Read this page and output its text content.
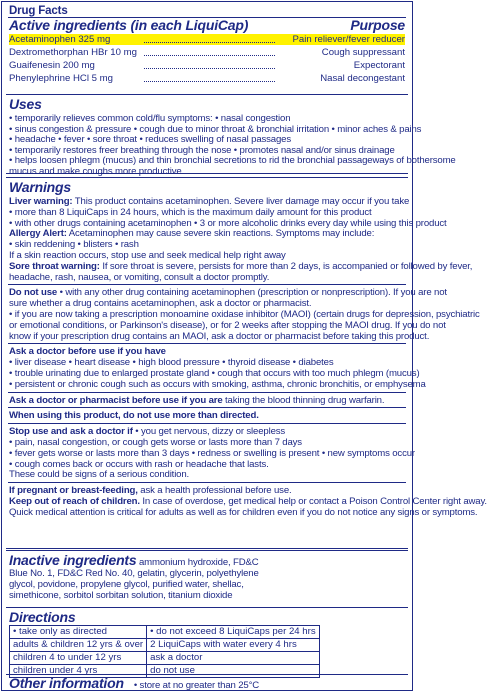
Drug Facts
Active ingredients (in each LiquiCap)	Purpose
Acetaminophen 325 mg	Pain reliever/fever reducer
Dextromethorphan HBr 10 mg	Cough suppressant
Guaifenesin 200 mg	Expectorant
Phenylephrine HCl 5 mg	Nasal decongestant
Uses
• temporarily relieves common cold/flu symptoms: • nasal congestion
• sinus congestion & pressure • cough due to minor throat & bronchial irritation • minor aches & pains
• headache • fever • sore throat • reduces swelling of nasal passages
• temporarily restores freer breathing through the nose • promotes nasal and/or sinus drainage
• helps loosen phlegm (mucus) and thin bronchial secretions to rid the bronchial passageways of bothersome
mucus and make coughs more productive.
Warnings
Liver warning: This product contains acetaminophen. Severe liver damage may occur if you take
• more than 8 LiquiCaps in 24 hours, which is the maximum daily amount for this product
• with other drugs containing acetaminophen • 3 or more alcoholic drinks every day while using this product
Allergy Alert: Acetaminophen may cause severe skin reactions. Symptoms may include:
• skin reddening • blisters • rash
If a skin reaction occurs, stop use and seek medical help right away
Sore throat warning: If sore throat is severe, persists for more than 2 days, is accompanied or followed by fever,
headache, rash, nausea, or vomiting, consult a doctor promptly.
Do not use • with any other drug containing acetaminophen (prescription or nonprescription). If you are not
sure whether a drug contains acetaminophen, ask a doctor or pharmacist.
• if you are now taking a prescription monoamine oxidase inhibitor (MAOI) (certain drugs for depression, psychiatric
or emotional conditions, or Parkinson's disease), or for 2 weeks after stopping the MAOI drug. If you do not
know if your prescription drug contains an MAOI, ask a doctor or pharmacist before taking this product.
Ask a doctor before use if you have
• liver disease • heart disease • high blood pressure • thyroid disease • diabetes
• trouble urinating due to enlarged prostate gland • cough that occurs with too much phlegm (mucus)
• persistent or chronic cough such as occurs with smoking, asthma, chronic bronchitis, or emphysema
Ask a doctor or pharmacist before use if you are taking the blood thinning drug warfarin.
When using this product, do not use more than directed.
Stop use and ask a doctor if • you get nervous, dizzy or sleepless
• pain, nasal congestion, or cough gets worse or lasts more than 7 days
• fever gets worse or lasts more than 3 days • redness or swelling is present • new symptoms occur
• cough comes back or occurs with rash or headache that lasts.
These could be signs of a serious condition.
If pregnant or breast-feeding, ask a health professional before use.
Keep out of reach of children. In case of overdose, get medical help or contact a Poison Control Center right away.
Quick medical attention is critical for adults as well as for children even if you do not notice any signs or symptoms.
Inactive ingredients ammonium hydroxide, FD&C
Blue No. 1, FD&C Red No. 40, gelatin, glycerin, polyethylene
glycol, povidone, propylene glycol, purified water, shellac,
simethicone, sorbitol sorbitan solution, titanium dioxide
Directions
• take only as directed	• do not exceed 8 LiquiCaps per 24 hrs
adults & children 12 yrs & over	2 LiquiCaps with water every 4 hrs
children 4 to under 12 yrs	ask a doctor
children under 4 yrs	do not use
Other information • store at no greater than 25°C
